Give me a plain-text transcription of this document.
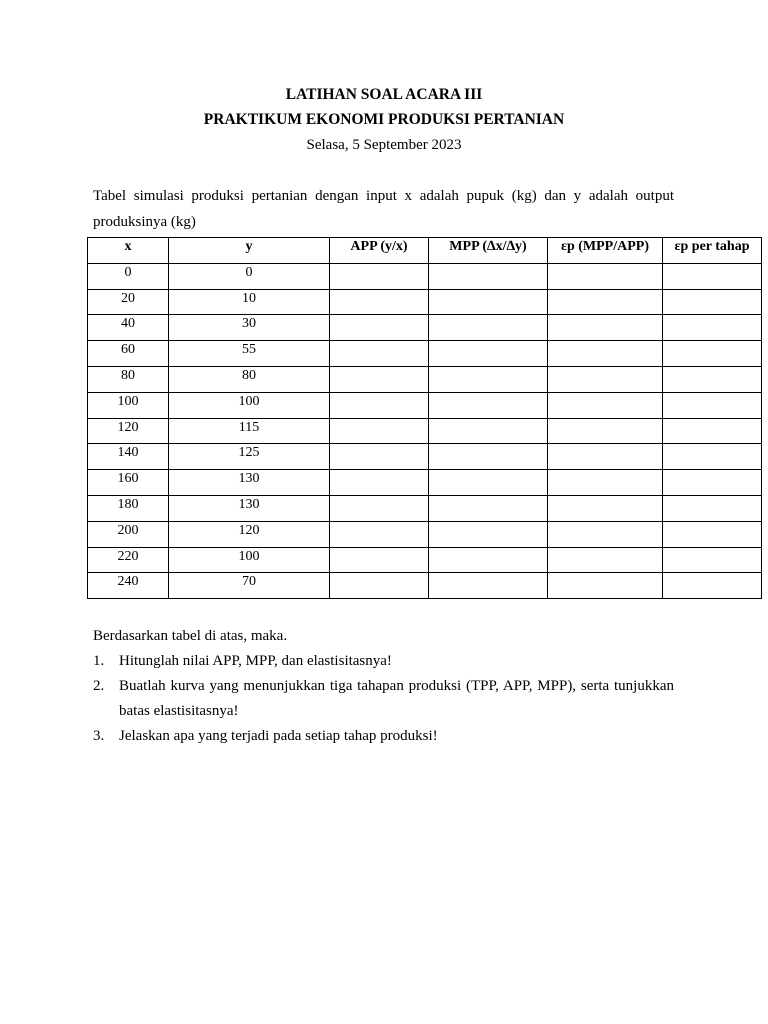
LATIHAN SOAL ACARA III
PRAKTIKUM EKONOMI PRODUKSI PERTANIAN
Selasa, 5 September 2023
Tabel simulasi produksi pertanian dengan input x adalah pupuk (kg) dan y adalah output produksinya (kg)
x	y	APP (y/x)	MPP (∆x/∆y)	εp (MPP/APP)	εp per tahap
0	0				
20	10				
40	30				
60	55				
80	80				
100	100				
120	115				
140	125				
160	130				
180	130				
200	120				
220	100				
240	70				
Berdasarkan tabel di atas, maka.
1. Hitunglah nilai APP, MPP, dan elastisitasnya!
2. Buatlah kurva yang menunjukkan tiga tahapan produksi (TPP, APP, MPP), serta tunjukkan batas elastisitasnya!
3. Jelaskan apa yang terjadi pada setiap tahap produksi!
